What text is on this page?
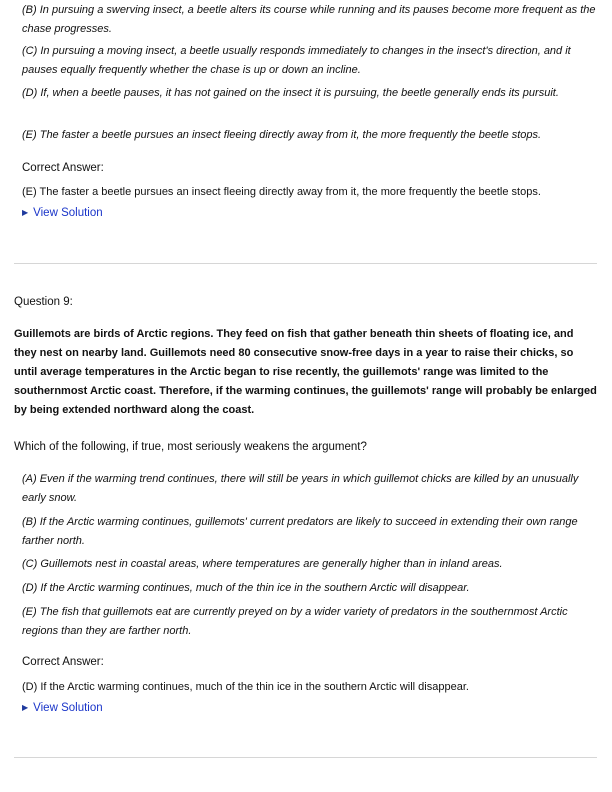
(B) In pursuing a swerving insect, a beetle alters its course while running and its pauses become more frequent as the chase progresses.

(C) In pursuing a moving insect, a beetle usually responds immediately to changes in the insect's direction, and it pauses equally frequently whether the chase is up or down an incline.

(D) If, when a beetle pauses, it has not gained on the insect it is pursuing, the beetle generally ends its pursuit.

(E) The faster a beetle pursues an insect fleeing directly away from it, the more frequently the beetle stops.

Correct Answer:

(E) The faster a beetle pursues an insect fleeing directly away from it, the more frequently the beetle stops.

▶ View Solution

Question 9:

Guillemots are birds of Arctic regions. They feed on fish that gather beneath thin sheets of floating ice, and they nest on nearby land. Guillemots need 80 consecutive snow-free days in a year to raise their chicks, so until average temperatures in the Arctic began to rise recently, the guillemots' range was limited to the southernmost Arctic coast. Therefore, if the warming continues, the guillemots' range will probably be enlarged by being extended northward along the coast.

Which of the following, if true, most seriously weakens the argument?

(A) Even if the warming trend continues, there will still be years in which guillemot chicks are killed by an unusually early snow.

(B) If the Arctic warming continues, guillemots' current predators are likely to succeed in extending their own range farther north.

(C) Guillemots nest in coastal areas, where temperatures are generally higher than in inland areas.

(D) If the Arctic warming continues, much of the thin ice in the southern Arctic will disappear.

(E) The fish that guillemots eat are currently preyed on by a wider variety of predators in the southernmost Arctic regions than they are farther north.

Correct Answer:

(D) If the Arctic warming continues, much of the thin ice in the southern Arctic will disappear.

▶ View Solution
